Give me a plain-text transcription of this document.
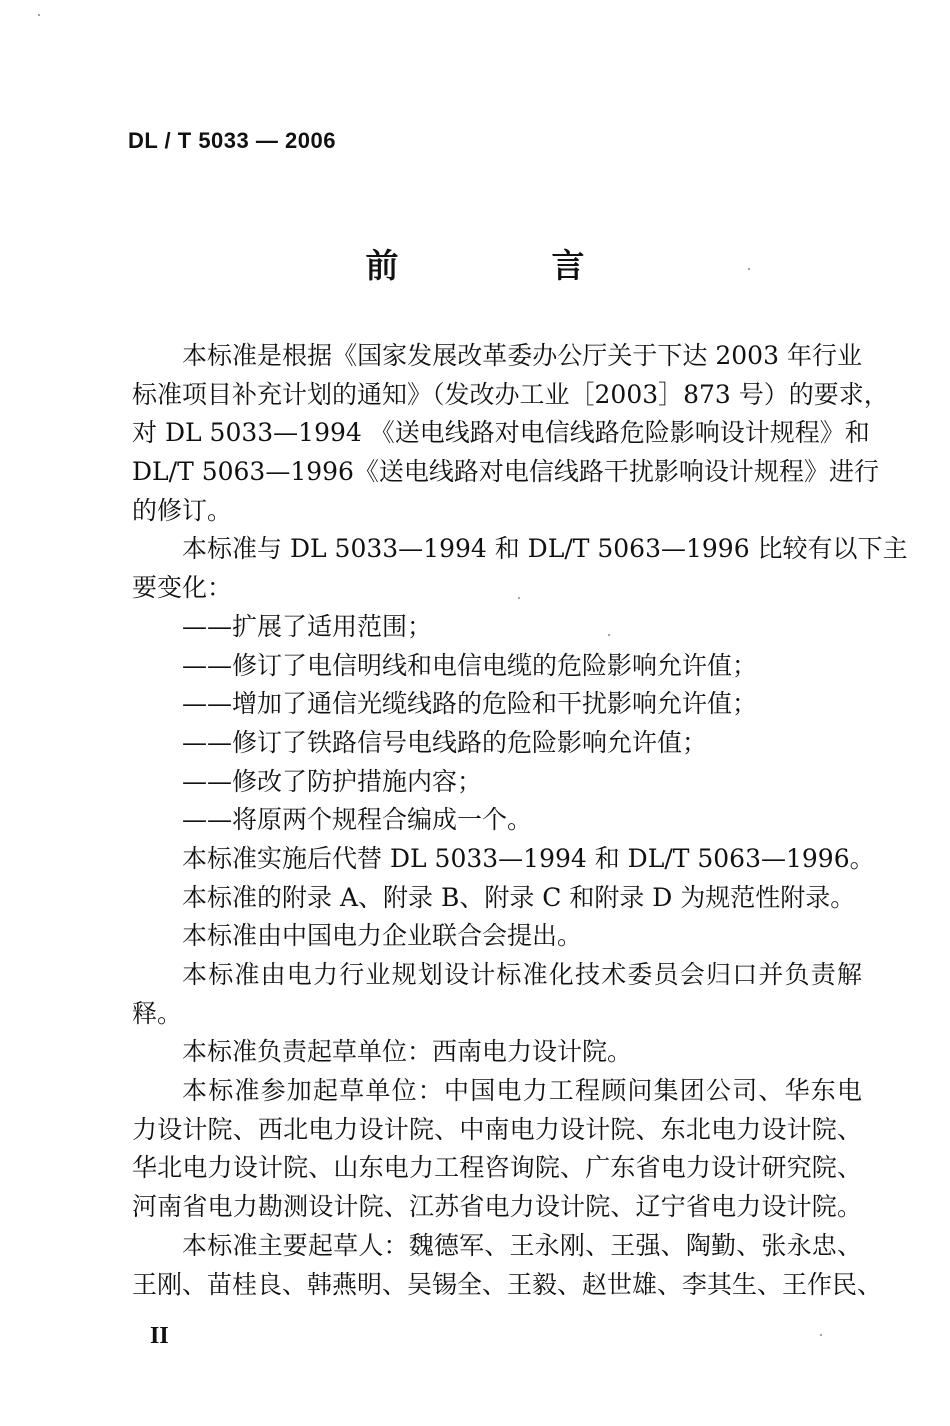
DL / T 5033 — 2006
前　言
本标准是根据《国家发展改革委办公厅关于下达 2003 年行业
标准项目补充计划的通知》（发改办工业［2003］873 号）的要求，
对 DL 5033—1994 《送电线路对电信线路危险影响设计规程》和
DL/T 5063—1996《送电线路对电信线路干扰影响设计规程》进行
的修订。
本标准与 DL 5033—1994 和 DL/T 5063—1996 比较有以下主
要变化：
——扩展了适用范围；
——修订了电信明线和电信电缆的危险影响允许值；
——增加了通信光缆线路的危险和干扰影响允许值；
——修订了铁路信号电线路的危险影响允许值；
——修改了防护措施内容；
——将原两个规程合编成一个。
本标准实施后代替 DL 5033—1994 和 DL/T 5063—1996。
本标准的附录 A、附录 B、附录 C 和附录 D 为规范性附录。
本标准由中国电力企业联合会提出。
本标准由电力行业规划设计标准化技术委员会归口并负责解
释。
本标准负责起草单位：西南电力设计院。
本标准参加起草单位：中国电力工程顾问集团公司、华东电
力设计院、西北电力设计院、中南电力设计院、东北电力设计院、
华北电力设计院、山东电力工程咨询院、广东省电力设计研究院、
河南省电力勘测设计院、江苏省电力设计院、辽宁省电力设计院。
本标准主要起草人：魏德军、王永刚、王强、陶勤、张永忠、
王刚、苗桂良、韩燕明、吴锡全、王毅、赵世雄、李其生、王作民、
II
